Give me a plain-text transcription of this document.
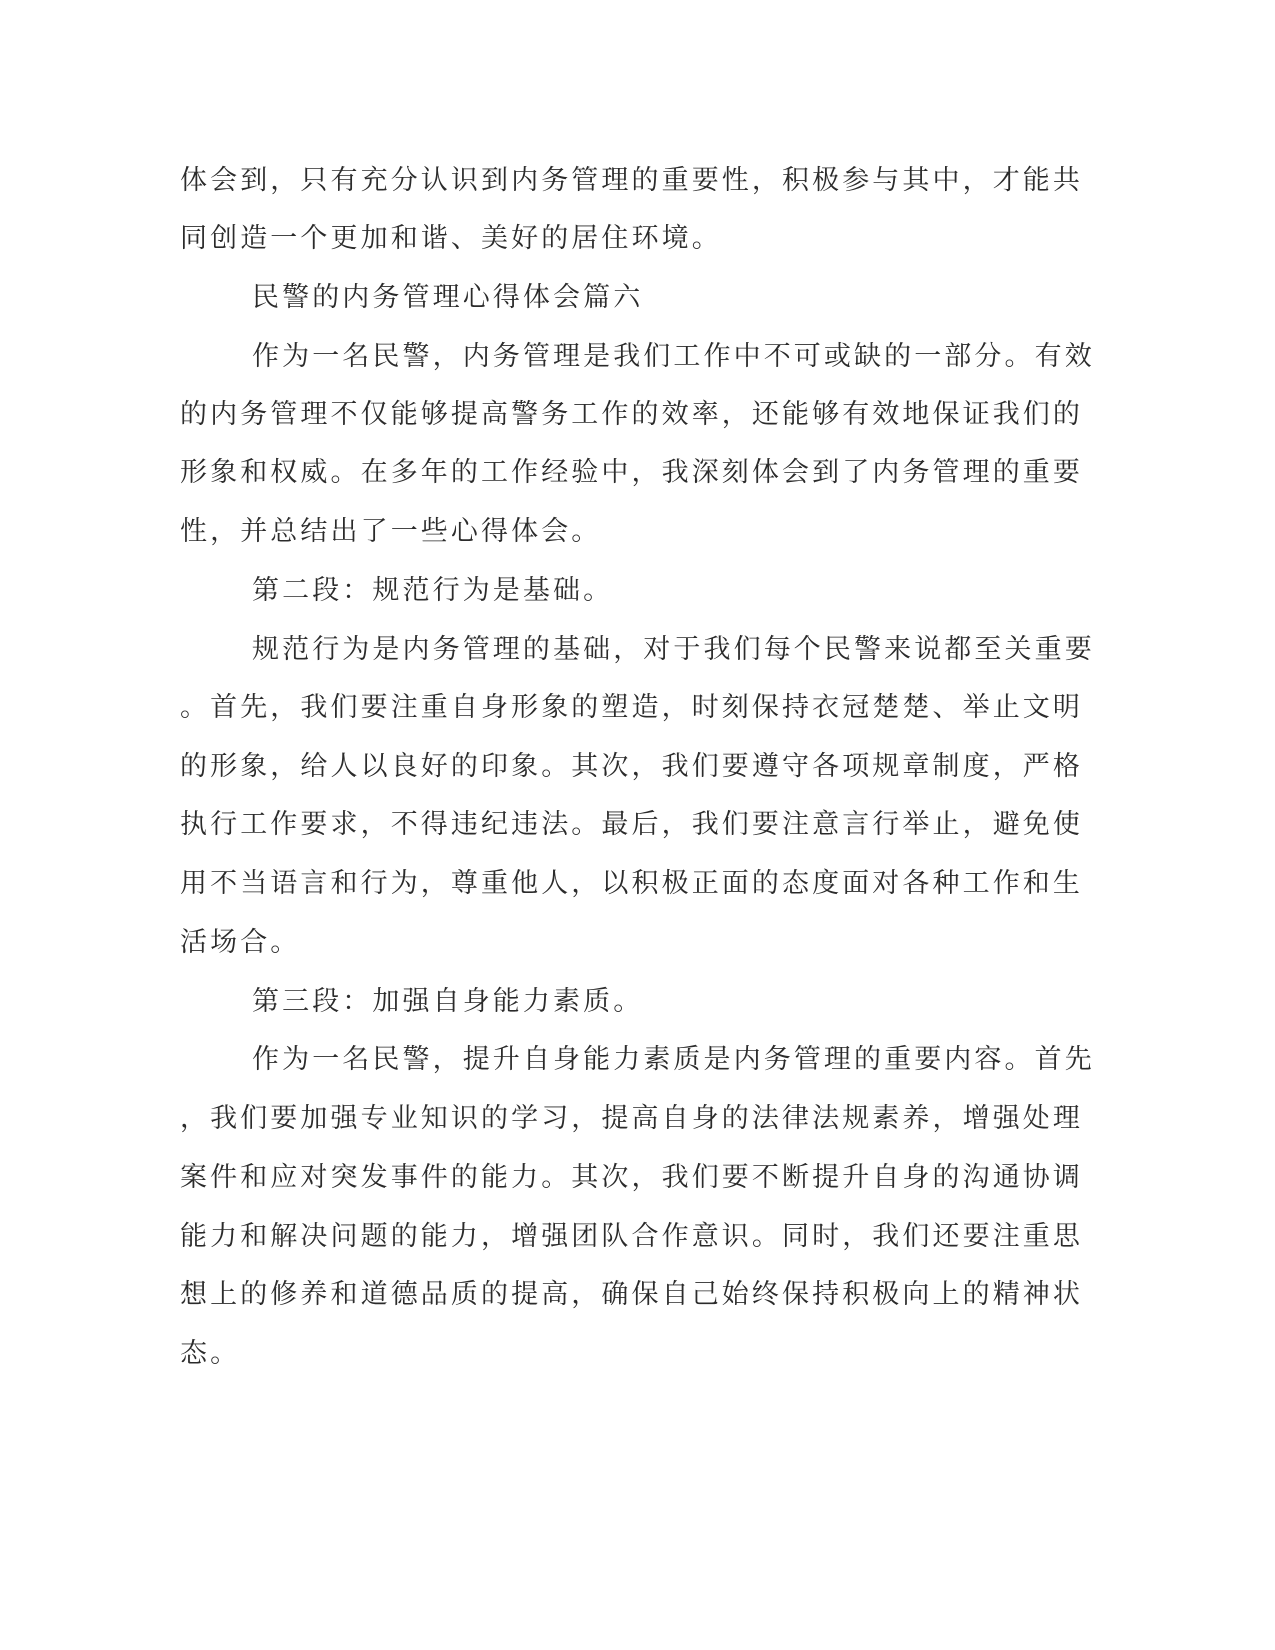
体会到，只有充分认识到内务管理的重要性，积极参与其中，才能共

同创造一个更加和谐、美好的居住环境。

民警的内务管理心得体会篇六

作为一名民警，内务管理是我们工作中不可或缺的一部分。有效

的内务管理不仅能够提高警务工作的效率，还能够有效地保证我们的

形象和权威。在多年的工作经验中，我深刻体会到了内务管理的重要

性，并总结出了一些心得体会。

第二段：规范行为是基础。

规范行为是内务管理的基础，对于我们每个民警来说都至关重要

。首先，我们要注重自身形象的塑造，时刻保持衣冠楚楚、举止文明

的形象，给人以良好的印象。其次，我们要遵守各项规章制度，严格

执行工作要求，不得违纪违法。最后，我们要注意言行举止，避免使

用不当语言和行为，尊重他人，以积极正面的态度面对各种工作和生

活场合。

第三段：加强自身能力素质。

作为一名民警，提升自身能力素质是内务管理的重要内容。首先

，我们要加强专业知识的学习，提高自身的法律法规素养，增强处理

案件和应对突发事件的能力。其次，我们要不断提升自身的沟通协调

能力和解决问题的能力，增强团队合作意识。同时，我们还要注重思

想上的修养和道德品质的提高，确保自己始终保持积极向上的精神状

态。
